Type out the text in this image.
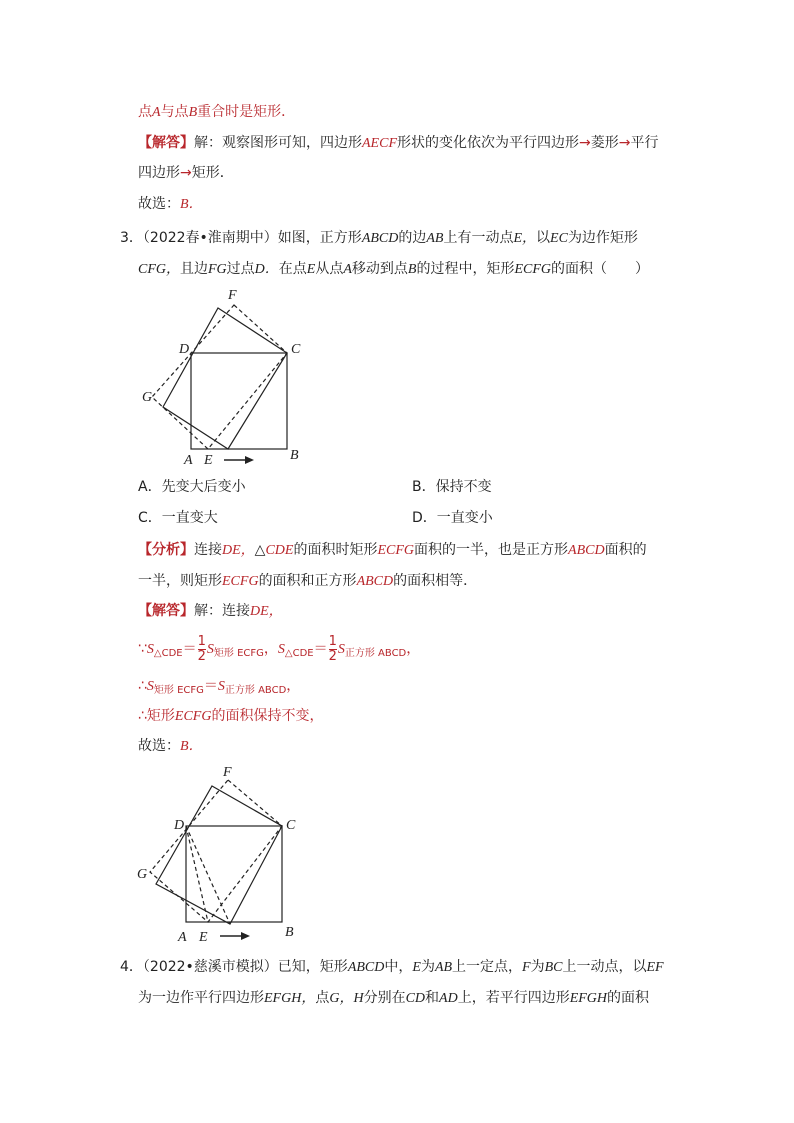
点A与点B重合时是矩形．
【解答】解：观察图形可知，四边形AECF形状的变化依次为平行四边形→菱形→平行
四边形→矩形．
故选：B．
3．（2022春•淮南期中）如图，正方形ABCD的边AB上有一动点E，以EC为边作矩形
CFG，且边FG过点D．在点E从点A移动到点B的过程中，矩形ECFG的面积（　　）
F
D	C
G
A E	B
A．先变大后变小	B．保持不变
C．一直变大	D．一直变小
【分析】连接DE，△CDE的面积时矩形ECFG面积的一半，也是正方形ABCD面积的
一半，则矩形ECFG的面积和正方形ABCD的面积相等．
【解答】解：连接DE，
$\because S_{\triangle CDE}= \frac{1}{2} S_{矩形 ECFG}$，$S_{\triangle CDE}= \frac{1}{2} S_{正方形 ABCD}$，
$\therefore S_{矩形 ECFG}=S_{正方形 ABCD}$，
∴矩形ECFG的面积保持不变，
故选：B．
F
D	C
G
A E	B
4．（2022•慈溪市模拟）已知，矩形ABCD中，E为AB上一定点，F为BC上一动点，以EF
为一边作平行四边形EFGH，点G，H分别在CD和AD上，若平行四边形EFGH的面积
